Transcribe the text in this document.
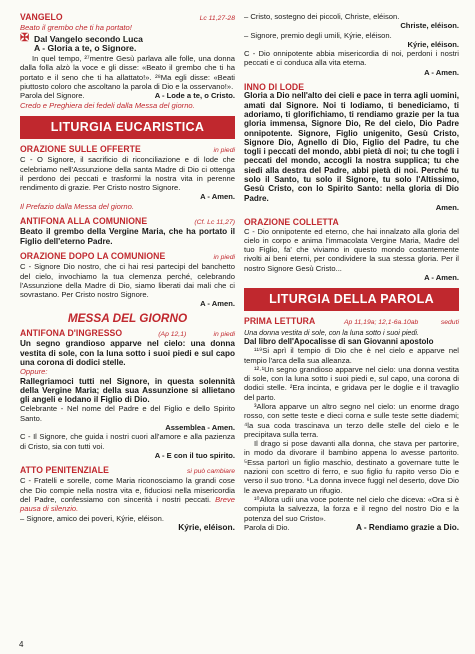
VANGELO	Lc 11,27-28

Beato il grembo che ti ha portato!

✠ Dal Vangelo secondo Luca
A - Gloria a te, o Signore.

In quel tempo, ²⁷mentre Gesù parlava alle folle, una donna dalla folla alzò la voce e gli disse: «Beato il grembo che ti ha portato e il seno che ti ha allattato!». ²⁸Ma egli disse: «Beati piuttosto coloro che ascoltano la parola di Dio e la osservano!».

Parola del Signore.	A - Lode a te, o Cristo.

Credo e Preghiera dei fedeli dalla Messa del giorno.

LITURGIA EUCARISTICA
ORAZIONE SULLE OFFERTE	in piedi

C - O Signore, il sacrificio di riconciliazione e di lode che celebriamo nell'Assunzione della santa Madre di Dio ci ottenga il perdono dei peccati e trasformi la nostra vita in perenne rendimento di grazie. Per Cristo nostro Signore.

A - Amen.

Il Prefazio dalla Messa del giorno.

ANTIFONA ALLA COMUNIONE	(Cf. Lc 11,27)

Beato il grembo della Vergine Maria, che ha portato il Figlio dell'eterno Padre.

ORAZIONE DOPO LA COMUNIONE	in piedi

C - Signore Dio nostro, che ci hai resi partecipi del banchetto del cielo, invochiamo la tua clemenza perché, celebrando l'Assunzione della Madre di Dio, siamo liberati dai mali che ci sovrastano. Per Cristo nostro Signore.

A - Amen.
MESSA DEL GIORNO
ANTIFONA D'INGRESSO	(Ap 12,1)	in piedi

Un segno grandioso apparve nel cielo: una donna vestita di sole, con la luna sotto i suoi piedi e sul capo una corona di dodici stelle.

Oppure:

Rallegriamoci tutti nel Signore, in questa solennità della Vergine Maria; della sua Assunzione si allietano gli angeli e lodano il Figlio di Dio.

Celebrante - Nel nome del Padre e del Figlio e dello Spirito Santo.

Assemblea - Amen.

C - Il Signore, che guida i nostri cuori all'amore e alla pazienza di Cristo, sia con tutti voi.

A - E con il tuo spirito.
ATTO PENITENZIALE	si può cambiare

C - Fratelli e sorelle, come Maria riconosciamo la grandi cose che Dio compie nella nostra vita e, fiduciosi nella misericordia del Padre, confessiamo con sincerità i nostri peccati. Breve pausa di silenzio.

– Signore, amico dei poveri, Kýrie, eléison.

Kýrie, eléison.

– Cristo, sostegno dei piccoli, Christe, eléison.

Christe, eléison.

– Signore, premio degli umili, Kýrie, eléison.

Kýrie, eléison.

C - Dio onnipotente abbia misericordia di noi, perdoni i nostri peccati e ci conduca alla vita eterna.

A - Amen.
INNO DI LODE

Gloria a Dio nell'alto dei cieli e pace in terra agli uomini, amati dal Signore. Noi ti lodiamo, ti benediciamo, ti adoriamo, ti glorifichiamo, ti rendiamo grazie per la tua gloria immensa, Signore Dio, Re del cielo, Dio Padre onnipotente. Signore, Figlio unigenito, Gesù Cristo, Signore Dio, Agnello di Dio, Figlio del Padre, tu che togli i peccati del mondo, abbi pietà di noi; tu che togli i peccati del mondo, accogli la nostra supplica; tu che siedi alla destra del Padre, abbi pietà di noi. Perché tu solo il Santo, tu solo il Signore, tu solo l'Altissimo, Gesù Cristo, con lo Spirito Santo: nella gloria di Dio Padre.

Amen.
ORAZIONE COLLETTA

C - Dio onnipotente ed eterno, che hai innalzato alla gloria del cielo in corpo e anima l'immacolata Vergine Maria, Madre del tuo Figlio, fa' che viviamo in questo mondo costantemente rivolti ai beni eterni, per condividere la sua stessa gloria. Per il nostro Signore Gesù Cristo...

A - Amen.
LITURGIA DELLA PAROLA
PRIMA LETTURA	Ap 11,19a; 12,1-6a.10ab	seduti

Una donna vestita di sole, con la luna sotto i suoi piedi.

Dal libro dell'Apocalisse di san Giovanni apostolo

¹¹⁹Si aprì il tempio di Dio che è nel cielo e apparve nel tempio l'arca della sua alleanza.

¹²·¹Un segno grandioso apparve nel cielo: una donna vestita di sole, con la luna sotto i suoi piedi e, sul capo, una corona di dodici stelle. ²Era incinta, e gridava per le doglie e il travaglio del parto.

³Allora apparve un altro segno nel cielo: un enorme drago rosso, con sette teste e dieci corna e sulle teste sette diademi; ⁴la sua coda trascinava un terzo delle stelle del cielo e le precipitava sulla terra.

Il drago si pose davanti alla donna, che stava per partorire, in modo da divorare il bambino appena lo avesse partorito. ⁵Essa partorì un figlio maschio, destinato a governare tutte le nazioni con scettro di ferro, e suo figlio fu rapito verso Dio e verso il suo trono. ⁶La donna invece fuggì nel deserto, dove Dio le aveva preparato un rifugio.

¹⁰Allora udii una voce potente nel cielo che diceva: «Ora si è compiuta la salvezza, la forza e il regno del nostro Dio e la potenza del suo Cristo».

Parola di Dio.	A - Rendiamo grazie a Dio.
4
